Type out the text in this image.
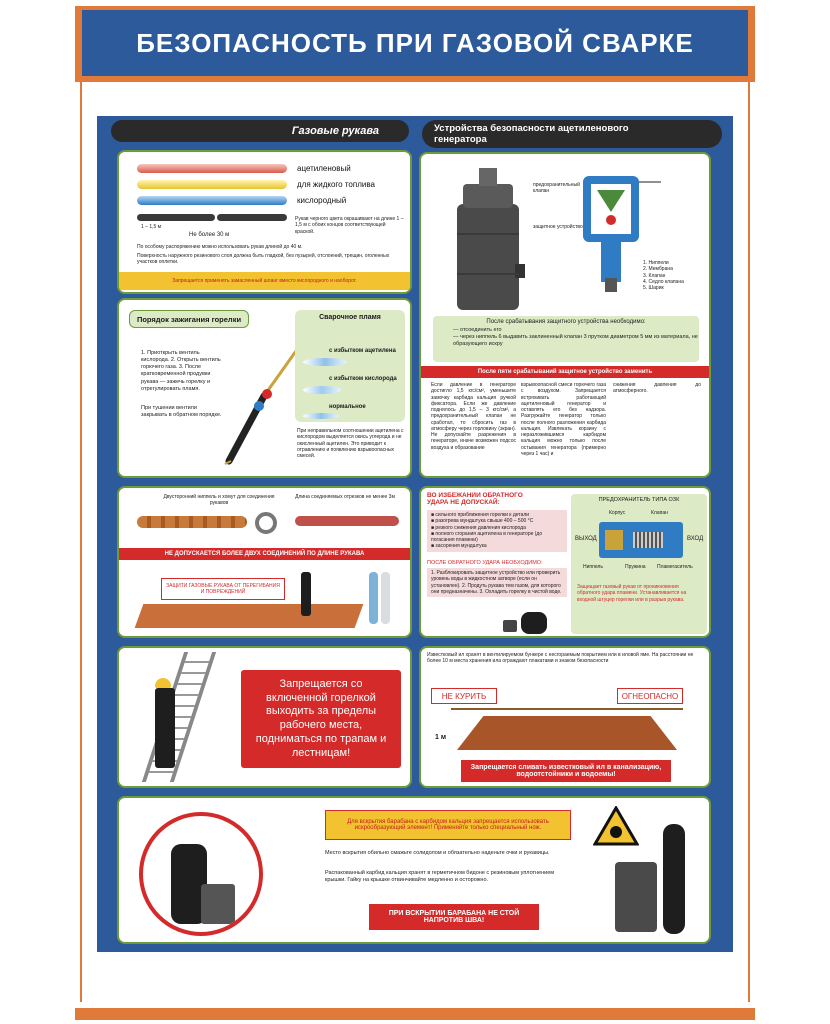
БЕЗОПАСНОСТЬ ПРИ ГАЗОВОЙ СВАРКЕ
Газовые рукава	Устройства безопасности ацетиленового генератора
ацетиленовый
для жидкого топлива
кислородный
1 – 1,5 м
Не более 30 м
Рукав черного цвета окрашивают на длине 1 – 1,5 м с обоих концов соответствующей краской.
По особому распоряжению можно использовать рукав длиной до 40 м.
Поверхность наружного резинового слоя должна быть гладкой, без пузырей, отслоений, трещин, оголенных участков оплетки.
Запрещается применять замасленный шланг вместо кислородного и наоборот.
Порядок зажигания горелки
1. Приоткрыть вентиль кислорода. 2. Открыть вентиль горючего газа. 3. После кратковременной продувки рукава — зажечь горелку и отрегулировать пламя.
При тушении вентили закрывать в обратном порядке.
Сварочное пламя
с избытком ацетилена
с избытком кислорода
нормальное
При неправильном соотношении ацетилена с кислородом выделяется окись углерода и не окисленный ацетилен. Это приводит к отравлению и появлению взрывоопасных смесей.
предохранительный клапан
защитное устройство
1. Ниппели
2. Мембрана
3. Клапан
4. Седло клапана
5. Шарик
После срабатывания защитного устройства необходимо:
— отсоединить его
— через ниппель 6 выдавить заклиненный клапан 3 прутком диаметром 5 мм из материала, не образующего искру
После пяти срабатываний защитное устройство заменить
Если давление в генераторе достигло 1,5 кгс/см², уменьшите замочку карбида кальция ручкой фиксатора. Если же давление поднялось до 1,5 – 3 кгс/см², а предохранительный клапан не сработал, то сбросить газ в атмосферу через горловину (экран). Не допускайте разрежения в генераторе, иначе возможен подсос воздуха и образование
взрывоопасной смеси горючего газа с воздухом. Запрещается встряхивать работающий ацетиленовый генератор и оставлять его без надзора. Разгружайте генератор только после полного разложения карбида кальция. Извлекать корзину с неразложившимся карбидом кальция можно только после остывания генератора (примерно через 1 час) и
снижения давления до атмосферного.
Двусторонний ниппель и хомут для соединения рукавов
Длина соединяемых отрезков не менее 3м
НЕ ДОПУСКАЕТСЯ БОЛЕЕ ДВУХ СОЕДИНЕНИЙ ПО ДЛИНЕ РУКАВА
ЗАЩИТИ ГАЗОВЫЕ РУКАВА ОТ ПЕРЕГИБАНИЯ И ПОВРЕЖДЕНИЙ
ВО ИЗБЕЖАНИИ ОБРАТНОГО УДАРА НЕ ДОПУСКАЙ:
■ сильного приближения горелки к детали
■ разогрева мундштука свыше 400 – 500 °С
■ резкого снижения давления кислорода
■ полного сгорания ацетилена в генераторе (до погасания пламени)
■ засорения мундштука
ПОСЛЕ ОБРАТНОГО УДАРА НЕОБХОДИМО:
1. Разблокировать защитное устройство или проверить уровень воды в жидкостном затворе (если он установлен). 2. Продуть рукава тем газом, для которого они предназначены. 3. Охладить горелку в чистой воде.
ПРЕДОХРАНИТЕЛЬ ТИПА ОЗК
Корпус	Клапан
ВЫХОД	ВХОД
Ниппель	Пружина Пламегаситель
Защищает газовый рукав от проникновения обратного удара пламени. Устанавливается на входной штуцер горелки или в разрыв рукава.
Запрещается со включенной горелкой выходить за пределы рабочего места, подниматься по трапам и лестницам!
Известковый ил хранят в вентилируемом бункере с несгораемым покрытием или в иловой яме. На расстоянии не более 10 м места хранения ила ограждают плакатами и знаком безопасности
НЕ КУРИТЬ	ОГНЕОПАСНО
1 м
Запрещается сливать известковый ил в канализацию, водоотстойники и водоемы!
Для вскрытия барабана с карбидом кальция запрещается использовать искрообразующий элемент! Применяйте только специальный нож.
Место вскрытия обильно смажьте солидолом и обязательно наденьте очки и рукавицы.
Распакованный карбид кальция хранят в герметичном бидоне с резиновым уплотнением крышки. Гайку на крышке отвинчивайте медленно и осторожно.
ПРИ ВСКРЫТИИ БАРАБАНА НЕ СТОЙ НАПРОТИВ ШВА!
